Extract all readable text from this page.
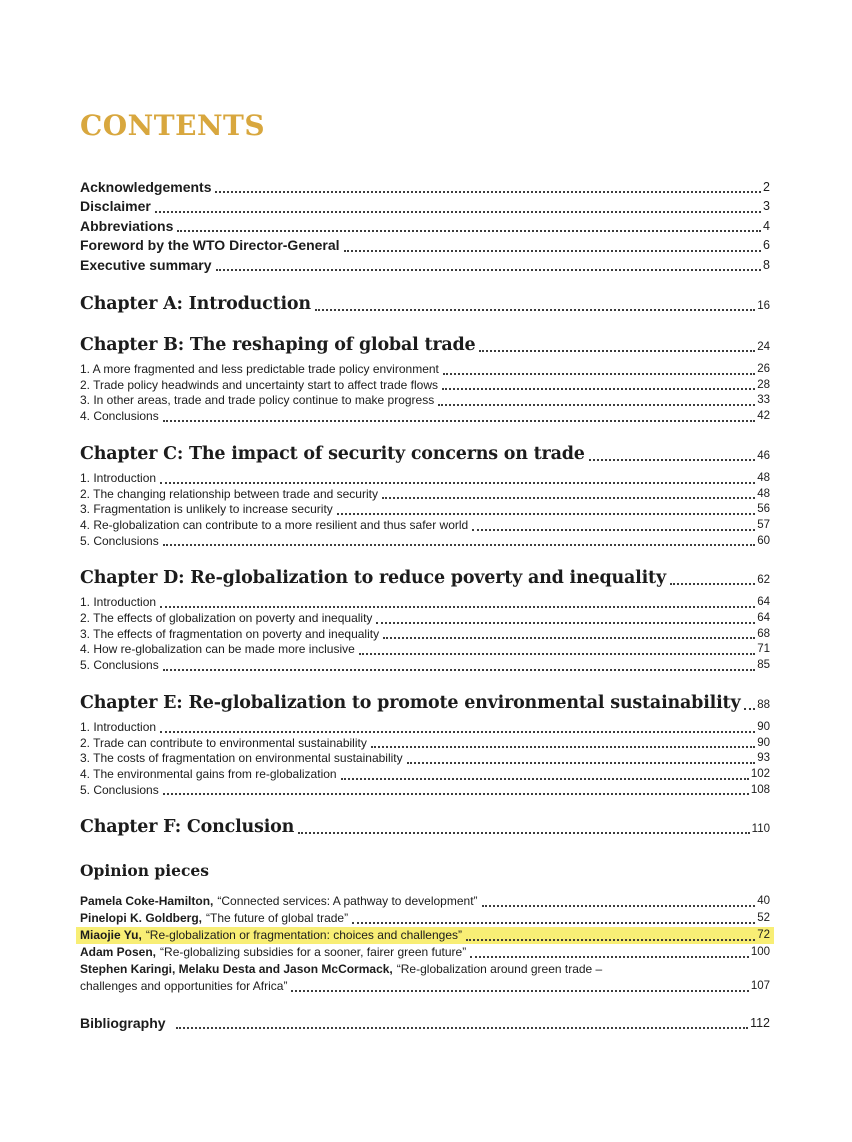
CONTENTS
Acknowledgements	2
Disclaimer	3
Abbreviations	4
Foreword by the WTO Director-General	6
Executive summary	8
Chapter A: Introduction	16
Chapter B: The reshaping of global trade	24
1. A more fragmented and less predictable trade policy environment	26
2. Trade policy headwinds and uncertainty start to affect trade flows	28
3. In other areas, trade and trade policy continue to make progress	33
4. Conclusions	42
Chapter C: The impact of security concerns on trade	46
1. Introduction	48
2. The changing relationship between trade and security	48
3. Fragmentation is unlikely to increase security	56
4. Re-globalization can contribute to a more resilient and thus safer world	57
5. Conclusions	60
Chapter D: Re-globalization to reduce poverty and inequality	62
1. Introduction	64
2. The effects of globalization on poverty and inequality	64
3. The effects of fragmentation on poverty and inequality	68
4. How re-globalization can be made more inclusive	71
5. Conclusions	85
Chapter E: Re-globalization to promote environmental sustainability 88
1. Introduction	90
2. Trade can contribute to environmental sustainability	90
3. The costs of fragmentation on environmental sustainability	93
4. The environmental gains from re-globalization	102
5. Conclusions	108
Chapter F: Conclusion	110
Opinion pieces
Pamela Coke-Hamilton, “Connected services: A pathway to development”	40
Pinelopi K. Goldberg, “The future of global trade”	52
Miaojie Yu, “Re-globalization or fragmentation: choices and challenges”	72
Adam Posen, “Re-globalizing subsidies for a sooner, fairer green future”	100
Stephen Karingi, Melaku Desta and Jason McCormack, “Re-globalization around green trade –
challenges and opportunities for Africa”	107
Bibliography	112
